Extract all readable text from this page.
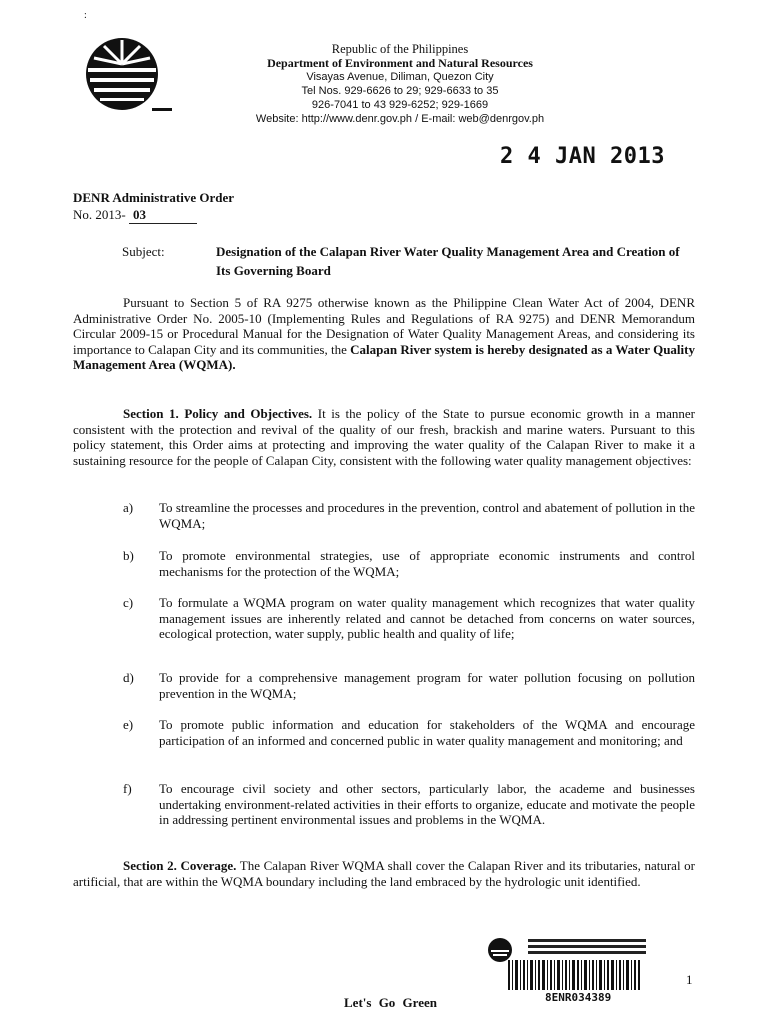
:
Republic of the Philippines
Department of Environment and Natural Resources
Visayas Avenue, Diliman, Quezon City
Tel Nos. 929-6626 to 29; 929-6633 to 35
926-7041 to 43 929-6252; 929-1669
Website: http://www.denr.gov.ph / E-mail: web@denrgov.ph
2 4 JAN 2013
DENR Administrative Order
No. 2013- 03
Subject:	Designation of the Calapan River Water Quality Management Area and Creation of Its Governing Board
Pursuant to Section 5 of RA 9275 otherwise known as the Philippine Clean Water Act of 2004, DENR Administrative Order No. 2005-10 (Implementing Rules and Regulations of RA 9275) and DENR Memorandum Circular 2009-15 or Procedural Manual for the Designation of Water Quality Management Areas, and considering its importance to Calapan City and its communities, the Calapan River system is hereby designated as a Water Quality Management Area (WQMA).
Section 1. Policy and Objectives. It is the policy of the State to pursue economic growth in a manner consistent with the protection and revival of the quality of our fresh, brackish and marine waters. Pursuant to this policy statement, this Order aims at protecting and improving the water quality of the Calapan River to make it a sustaining resource for the people of Calapan City, consistent with the following water quality management objectives:
a) To streamline the processes and procedures in the prevention, control and abatement of pollution in the WQMA;
b) To promote environmental strategies, use of appropriate economic instruments and control mechanisms for the protection of the WQMA;
c) To formulate a WQMA program on water quality management which recognizes that water quality management issues are inherently related and cannot be detached from concerns on water sources, ecological protection, water supply, public health and quality of life;
d) To provide for a comprehensive management program for water pollution focusing on pollution prevention in the WQMA;
e) To promote public information and education for stakeholders of the WQMA and encourage participation of an informed and concerned public in water quality management and monitoring; and
f) To encourage civil society and other sectors, particularly labor, the academe and businesses undertaking environment-related activities in their efforts to organize, educate and motivate the people in addressing pertinent environmental issues and problems in the WQMA.
Section 2. Coverage. The Calapan River WQMA shall cover the Calapan River and its tributaries, natural or artificial, that are within the WQMA boundary including the land embraced by the hydrologic unit identified.
8ENR034389
1
Let's Go Green
